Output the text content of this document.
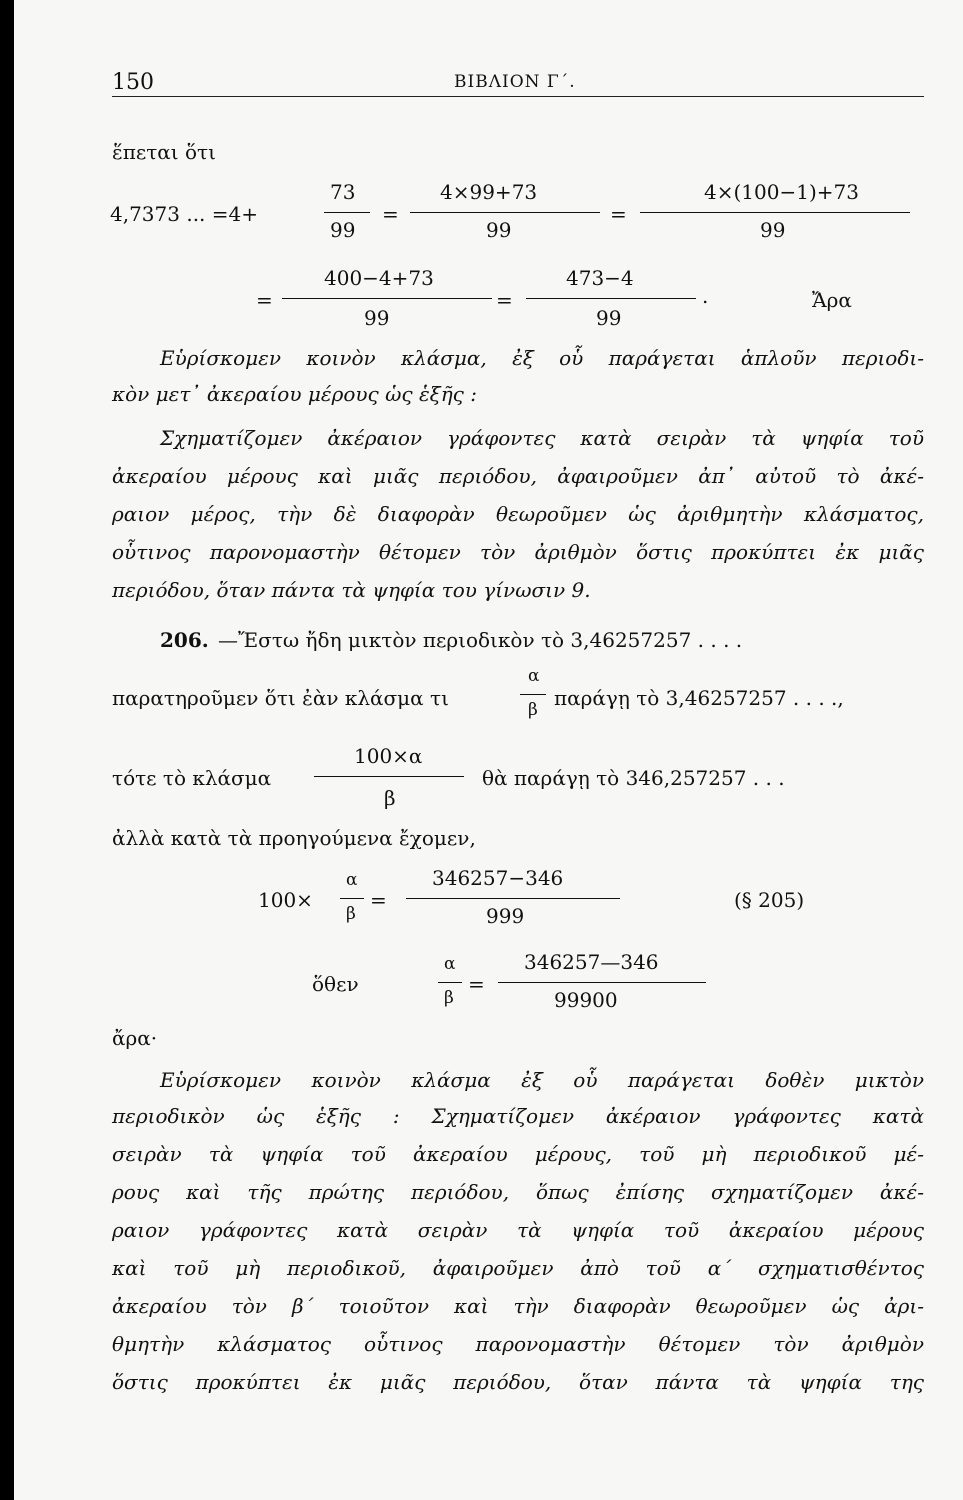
150	ΒΙΒΛΙΟΝ Γ΄.
ἕπεται ὅτι
4,7373 ... =4+
73
99
=
4×99+73
99
=
4×(100−1)+73
99
=
400−4+73
99
=
473−4
99
.	Ἄρα
Εὑρίσκομεν κοινὸν κλάσμα, ἐξ οὗ παράγεται ἁπλοῦν περιοδι-
κὸν μετ᾽ ἀκεραίου μέρους ὡς ἑξῆς :
Σχηματίζομεν ἀκέραιον γράφοντες κατὰ σειρὰν τὰ ψηφία τοῦ
ἀκεραίου μέρους καὶ μιᾶς περιόδου, ἀφαιροῦμεν ἀπ᾽ αὐτοῦ τὸ ἀκέ-
ραιον μέρος, τὴν δὲ διαφορὰν θεωροῦμεν ὡς ἀριθμητὴν κλάσματος,
οὗτινος παρονομαστὴν θέτομεν τὸν ἀριθμὸν ὅστις προκύπτει ἐκ μιᾶς
περιόδου, ὅταν πάντα τὰ ψηφία του γίνωσιν 9.
206. —Ἔστω ἤδη μικτὸν περιοδικὸν τὸ 3,46257257 . . . .
παρατηροῦμεν ὅτι ἐὰν κλάσμα τι
α
β παράγῃ τὸ 3,46257257 . . . .,
τότε τὸ κλάσμα
100×α
β
θὰ παράγῃ τὸ 346,257257 . . .
ἀλλὰ κατὰ τὰ προηγούμενα ἔχομεν,
100×
α
β
=
346257−346
999
(§ 205)
ὅθεν
α
β
=
346257—346
99900
ἄρα·
Εὑρίσκομεν κοινὸν κλάσμα ἐξ οὗ παράγεται δοθὲν μικτὸν
περιοδικὸν ὡς ἑξῆς : Σχηματίζομεν ἀκέραιον γράφοντες κατὰ
σειρὰν τὰ ψηφία τοῦ ἀκεραίου μέρους, τοῦ μὴ περιοδικοῦ μέ-
ρους καὶ τῆς πρώτης περιόδου, ὅπως ἐπίσης σχηματίζομεν ἀκέ-
ραιον γράφοντες κατὰ σειρὰν τὰ ψηφία τοῦ ἀκεραίου μέρους
καὶ τοῦ μὴ περιοδικοῦ, ἀφαιροῦμεν ἀπὸ τοῦ α΄ σχηματισθέντος
ἀκεραίου τὸν β΄ τοιοῦτον καὶ τὴν διαφορὰν θεωροῦμεν ὡς ἀρι-
θμητὴν κλάσματος οὗτινος παρονομαστὴν θέτομεν τὸν ἀριθμὸν
ὅστις προκύπτει ἐκ μιᾶς περιόδου, ὅταν πάντα τὰ ψηφία της
